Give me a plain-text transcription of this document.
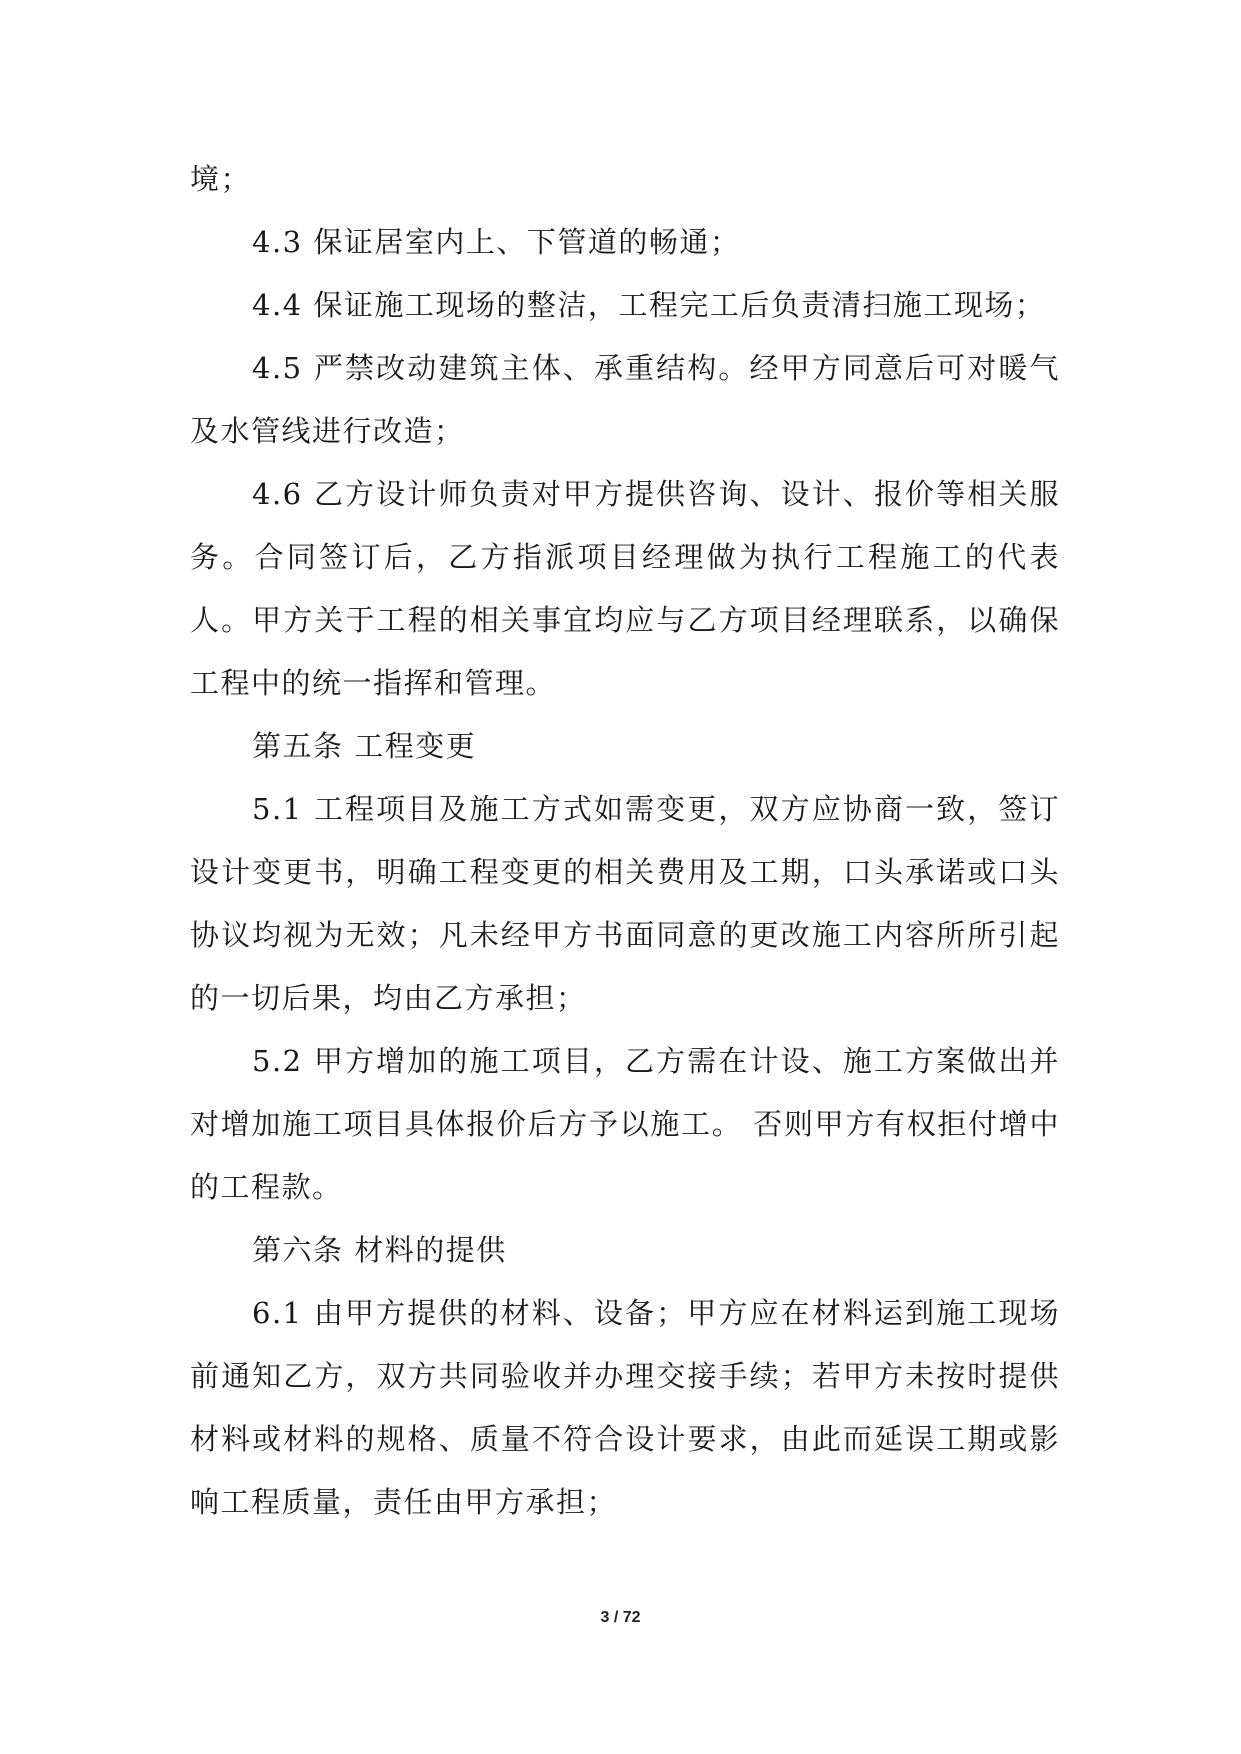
境；

4.3 保证居室内上、下管道的畅通；

4.4 保证施工现场的整洁，工程完工后负责清扫施工现场；

4.5 严禁改动建筑主体、承重结构。经甲方同意后可对暖气及水管线进行改造；

4.6 乙方设计师负责对甲方提供咨询、设计、报价等相关服务。合同签订后，乙方指派项目经理做为执行工程施工的代表人。甲方关于工程的相关事宜均应与乙方项目经理联系，以确保工程中的统一指挥和管理。

第五条 工程变更

5.1 工程项目及施工方式如需变更，双方应协商一致，签订设计变更书，明确工程变更的相关费用及工期，口头承诺或口头协议均视为无效；凡未经甲方书面同意的更改施工内容所所引起的一切后果，均由乙方承担；

5.2 甲方增加的施工项目，乙方需在计设、施工方案做出并对增加施工项目具体报价后方予以施工。 否则甲方有权拒付增中的工程款。

第六条 材料的提供

6.1 由甲方提供的材料、设备；甲方应在材料运到施工现场前通知乙方，双方共同验收并办理交接手续；若甲方未按时提供材料或材料的规格、质量不符合设计要求，由此而延误工期或影响工程质量，责任由甲方承担；

3 / 72
